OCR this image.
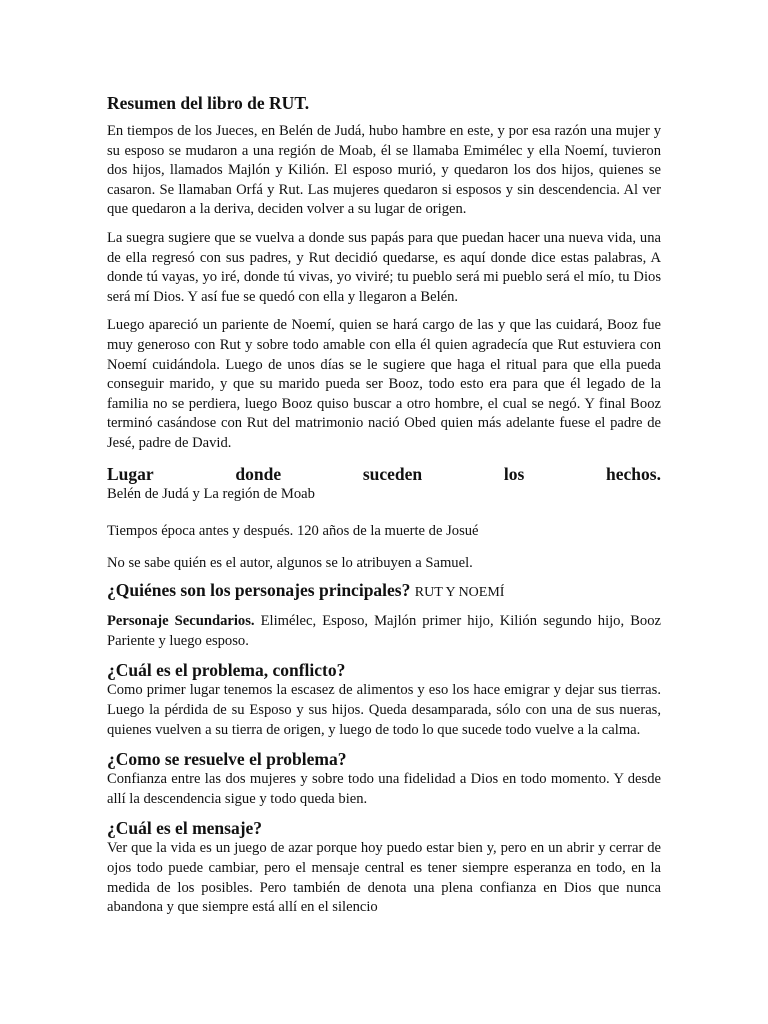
Resumen del libro de RUT.

En tiempos de los Jueces, en Belén de Judá, hubo hambre en este, y por esa razón una mujer y su esposo se mudaron a una región de Moab, él se llamaba Emimélec y ella Noemí, tuvieron dos hijos, llamados Majlón y Kilión. El esposo murió, y quedaron los dos hijos, quienes se casaron. Se llamaban Orfá y Rut. Las mujeres quedaron si esposos y sin descendencia. Al ver que quedaron a la deriva, deciden volver a su lugar de origen.

La suegra sugiere que se vuelva a donde sus papás para que puedan hacer una nueva vida, una de ella regresó con sus padres, y Rut decidió quedarse, es aquí donde dice estas palabras, A donde tú vayas, yo iré, donde tú vivas, yo viviré; tu pueblo será mi pueblo será el mío, tu Dios será mí Dios. Y así fue se quedó con ella y llegaron a Belén.

Luego apareció un pariente de Noemí, quien se hará cargo de las y que las cuidará, Booz fue muy generoso con Rut y sobre todo amable con ella él quien agradecía que Rut estuviera con Noemí cuidándola. Luego de unos días se le sugiere que haga el ritual para que ella pueda conseguir marido, y que su marido pueda ser Booz, todo esto era para que él legado de la familia no se perdiera, luego Booz quiso buscar a otro hombre, el cual se negó. Y final Booz terminó casándose con Rut del matrimonio nació Obed quien más adelante fuese el padre de Jesé, padre de David.

Lugar	donde	suceden	los	hechos.

Belén de Judá y La región de Moab

Tiempos época antes y después. 120 años de la muerte de Josué

No se sabe quién es el autor, algunos se lo atribuyen a Samuel.

¿Quiénes son los personajes principales? RUT Y NOEMÍ

Personaje Secundarios. Elimélec, Esposo, Majlón primer hijo, Kilión segundo hijo, Booz Pariente y luego esposo.

¿Cuál es el problema, conflicto?

Como primer lugar tenemos la escasez de alimentos y eso los hace emigrar y dejar sus tierras. Luego la pérdida de su Esposo y sus hijos. Queda desamparada, sólo con una de sus nueras, quienes vuelven a su tierra de origen, y luego de todo lo que sucede todo vuelve a la calma.

¿Como se resuelve el problema?

Confianza entre las dos mujeres y sobre todo una fidelidad a Dios en todo momento. Y desde allí la descendencia sigue y todo queda bien.

¿Cuál es el mensaje?

Ver que la vida es un juego de azar porque hoy puedo estar bien y, pero en un abrir y cerrar de ojos todo puede cambiar, pero el mensaje central es tener siempre esperanza en todo, en la medida de los posibles. Pero también de denota una plena confianza en Dios que nunca abandona y que siempre está allí en el silencio
